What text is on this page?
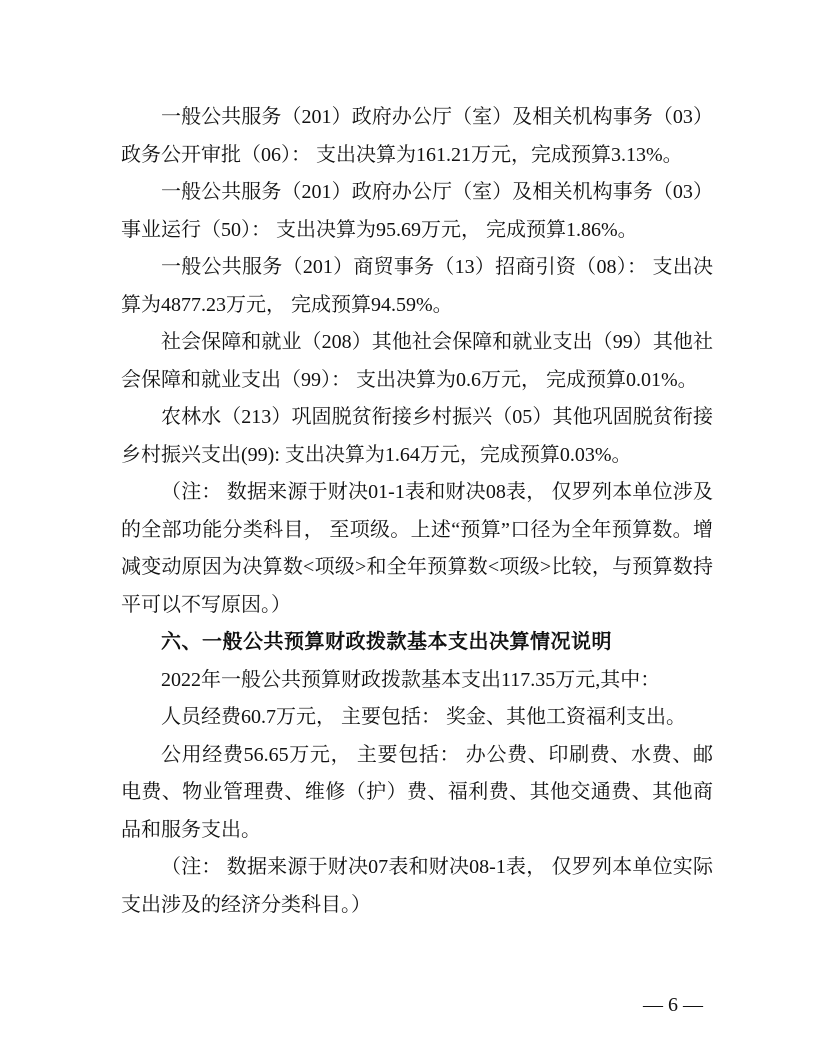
一般公共服务（201）政府办公厅（室）及相关机构事务（03）政务公开审批（06）： 支出决算为161.21万元，完成预算3.13%。

一般公共服务（201）政府办公厅（室）及相关机构事务（03）事业运行（50）： 支出决算为95.69万元， 完成预算1.86%。

一般公共服务（201）商贸事务（13）招商引资（08）： 支出决算为4877.23万元， 完成预算94.59%。

社会保障和就业（208）其他社会保障和就业支出（99）其他社会保障和就业支出（99）： 支出决算为0.6万元， 完成预算0.01%。

农林水（213）巩固脱贫衔接乡村振兴（05）其他巩固脱贫衔接乡村振兴支出(99): 支出决算为1.64万元，完成预算0.03%。

（注： 数据来源于财决01-1表和财决08表， 仅罗列本单位涉及的全部功能分类科目， 至项级。上述“预算”口径为全年预算数。增减变动原因为决算数<项级>和全年预算数<项级>比较，与预算数持平可以不写原因。）

六、一般公共预算财政拨款基本支出决算情况说明

2022年一般公共预算财政拨款基本支出117.35万元,其中：

人员经费60.7万元， 主要包括： 奖金、其他工资福利支出。

公用经费56.65万元， 主要包括： 办公费、印刷费、水费、邮电费、物业管理费、维修（护）费、福利费、其他交通费、其他商品和服务支出。

（注： 数据来源于财决07表和财决08-1表， 仅罗列本单位实际支出涉及的经济分类科目。）

— 6 —
